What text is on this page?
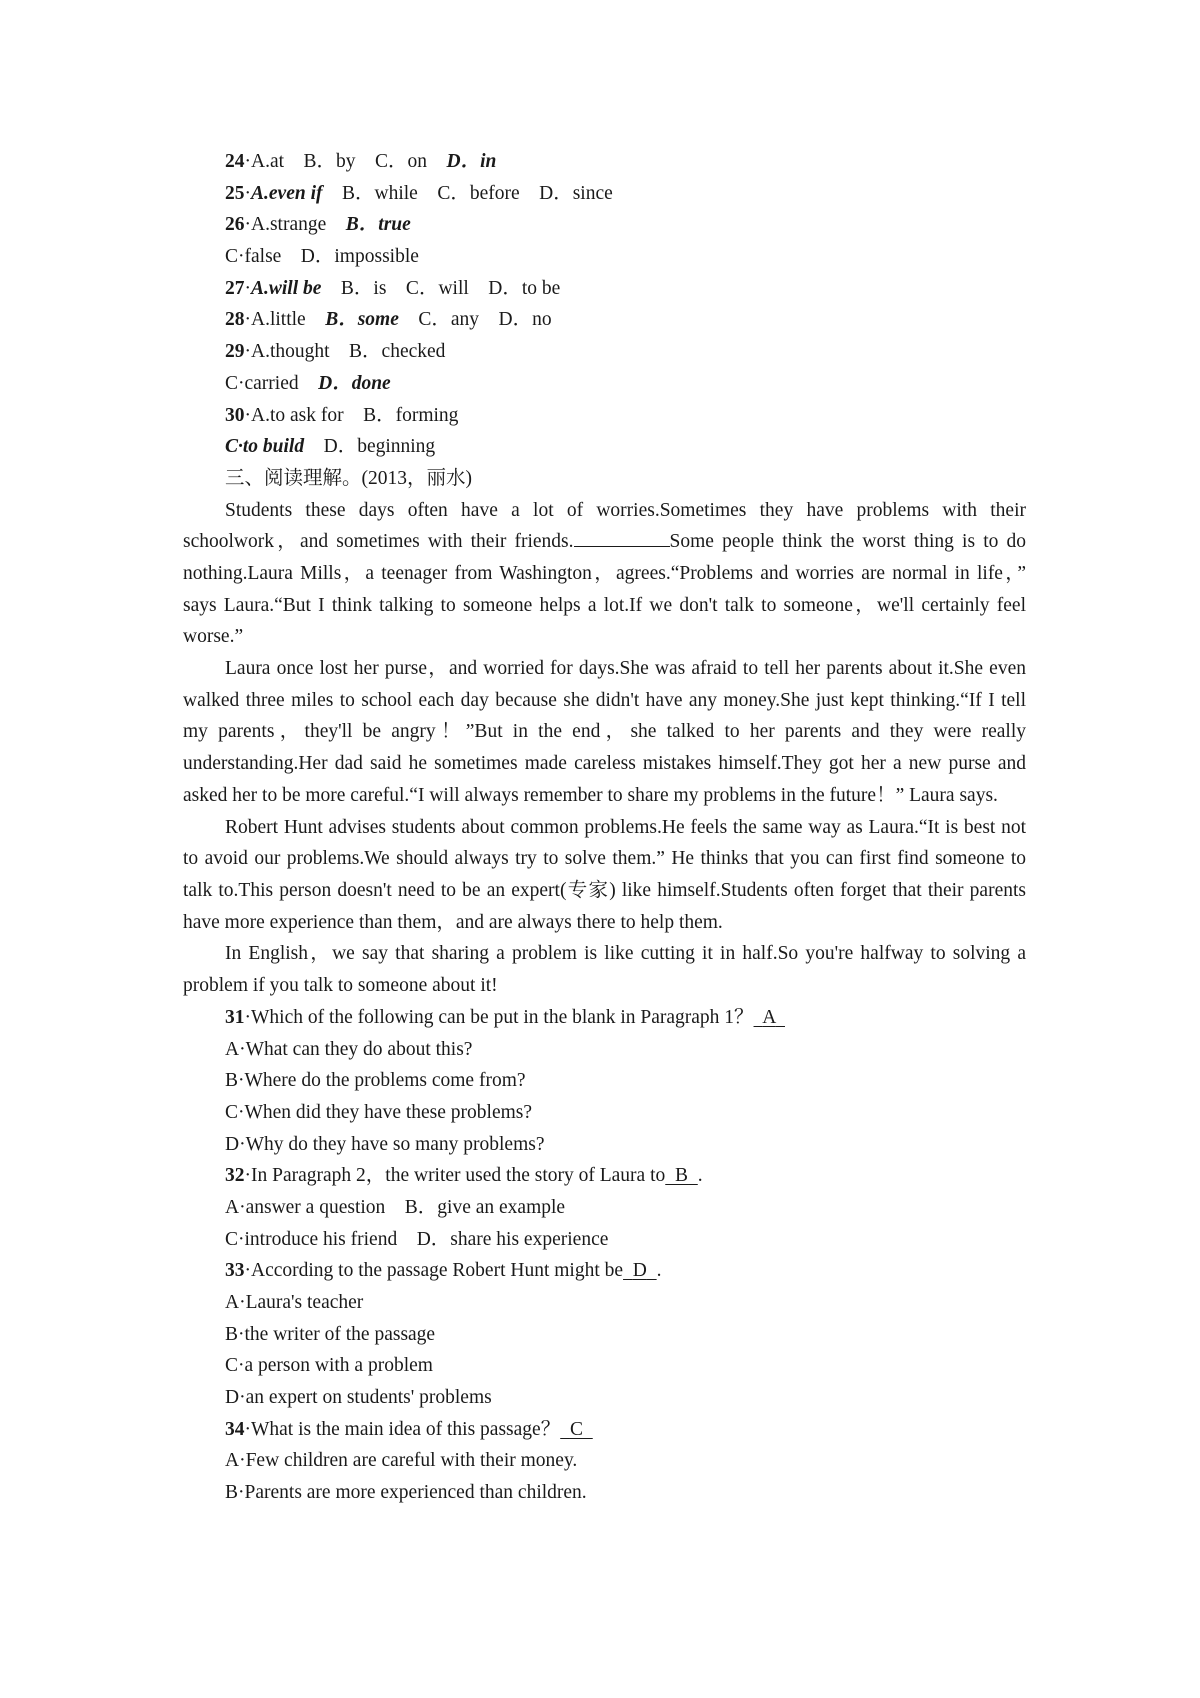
24·A.at　B．by　C．on　D．in
25·A.even if　B．while　C．before　D．since
26·A.strange　B．true
C·false　D．impossible
27·A.will be　B．is　C．will　D．to be
28·A.little　B．some　C．any　D．no
29·A.thought　B．checked
C·carried　D．done
30·A.to ask for　B．forming
C·to build　D．beginning
三、阅读理解。(2013，丽水)

Students these days often have a lot of worries.Sometimes they have problems with their schoolwork，and sometimes with their friends.	Some people think the worst thing is to do nothing.Laura Mills，a teenager from Washington，agrees.“Problems and worries are normal in life，” says Laura.“But I think talking to someone helps a lot.If we don't talk to someone，we'll certainly feel worse.”

Laura once lost her purse，and worried for days.She was afraid to tell her parents about it.She even walked three miles to school each day because she didn't have any money.She just kept thinking.“If I tell my parents，they'll be angry！”But in the end，she talked to her parents and they were really understanding.Her dad said he sometimes made careless mistakes himself.They got her a new purse and asked her to be more careful.“I will always remember to share my problems in the future！” Laura says.

Robert Hunt advises students about common problems.He feels the same way as Laura.“It is best not to avoid our problems.We should always try to solve them.” He thinks that you can first find someone to talk to.This person doesn't need to be an expert(专家) like himself.Students often forget that their parents have more experience than them，and are always there to help them.

In English，we say that sharing a problem is like cutting it in half.So you're halfway to solving a problem if you talk to someone about it!

31·Which of the following can be put in the blank in Paragraph 1？ A
A·What can they do about this?
B·Where do the problems come from?
C·When did they have these problems?
D·Why do they have so many problems?
32·In Paragraph 2，the writer used the story of Laura to B .
A·answer a question　B．give an example
C·introduce his friend　D．share his experience
33·According to the passage Robert Hunt might be D .
A·Laura's teacher
B·the writer of the passage
C·a person with a problem
D·an expert on students' problems
34·What is the main idea of this passage？ C
A·Few children are careful with their money.
B·Parents are more experienced than children.
